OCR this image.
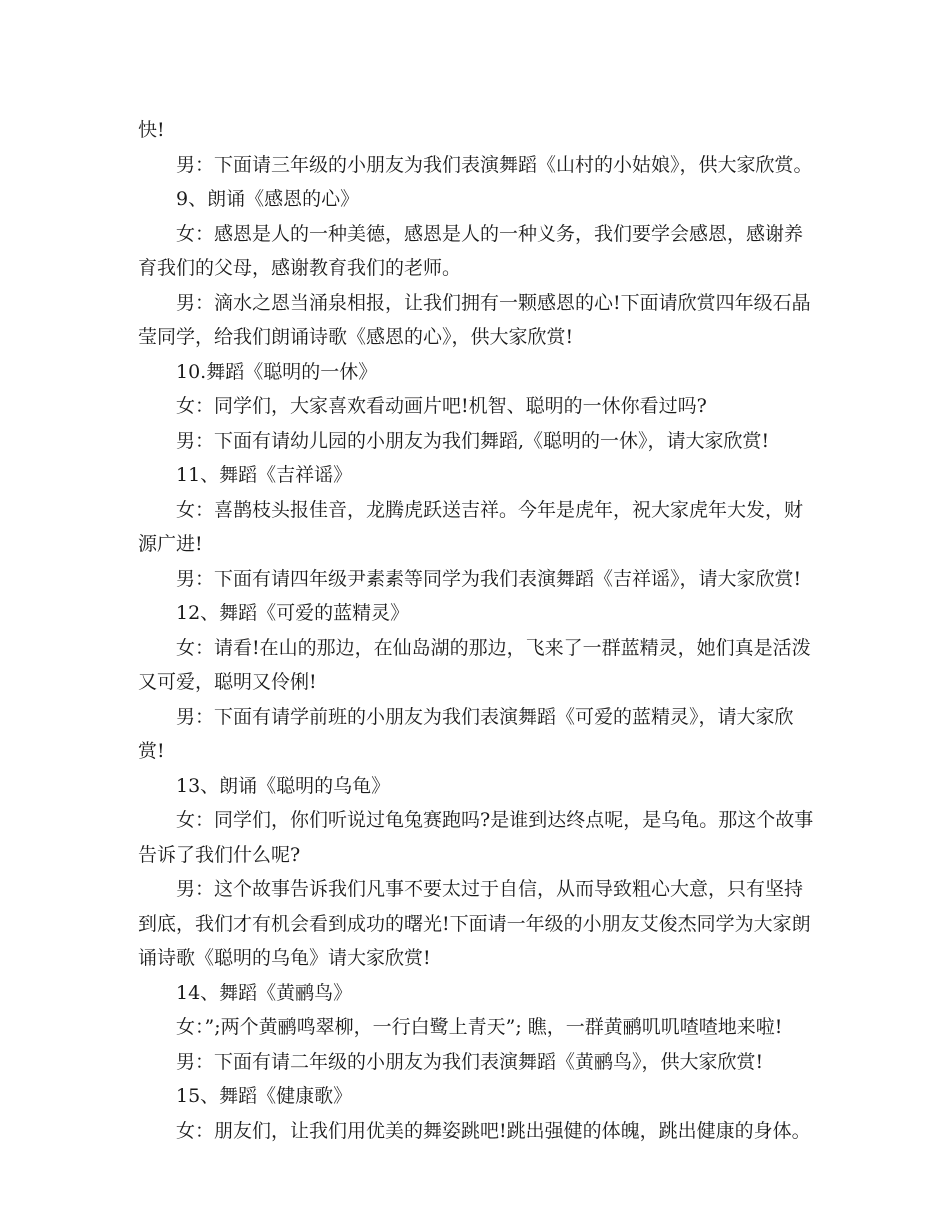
快!

男：下面请三年级的小朋友为我们表演舞蹈《山村的小姑娘》，供大家欣赏。

9、朗诵《感恩的心》

女：感恩是人的一种美德，感恩是人的一种义务，我们要学会感恩，感谢养育我们的父母，感谢教育我们的老师。

男：滴水之恩当涌泉相报，让我们拥有一颗感恩的心!下面请欣赏四年级石晶莹同学，给我们朗诵诗歌《感恩的心》，供大家欣赏!

10.舞蹈《聪明的一休》

女：同学们，大家喜欢看动画片吧!机智、聪明的一休你看过吗?

男：下面有请幼儿园的小朋友为我们舞蹈,《聪明的一休》，请大家欣赏!

11、舞蹈《吉祥谣》

女：喜鹊枝头报佳音，龙腾虎跃送吉祥。今年是虎年，祝大家虎年大发，财源广进!

男：下面有请四年级尹素素等同学为我们表演舞蹈《吉祥谣》，请大家欣赏!

12、舞蹈《可爱的蓝精灵》

女：请看!在山的那边，在仙岛湖的那边，飞来了一群蓝精灵，她们真是活泼又可爱，聪明又伶俐!

男：下面有请学前班的小朋友为我们表演舞蹈《可爱的蓝精灵》，请大家欣赏!

13、朗诵《聪明的乌龟》

女：同学们，你们听说过龟兔赛跑吗?是谁到达终点呢，是乌龟。那这个故事告诉了我们什么呢?

男：这个故事告诉我们凡事不要太过于自信，从而导致粗心大意，只有坚持到底，我们才有机会看到成功的曙光!下面请一年级的小朋友艾俊杰同学为大家朗诵诗歌《聪明的乌龟》请大家欣赏!

14、舞蹈《黄鹂鸟》

女：”;两个黄鹂鸣翠柳，一行白鹭上青天”; 瞧，一群黄鹂叽叽喳喳地来啦!

男：下面有请二年级的小朋友为我们表演舞蹈《黄鹂鸟》，供大家欣赏!

15、舞蹈《健康歌》

女：朋友们，让我们用优美的舞姿跳吧!跳出强健的体魄，跳出健康的身体。
